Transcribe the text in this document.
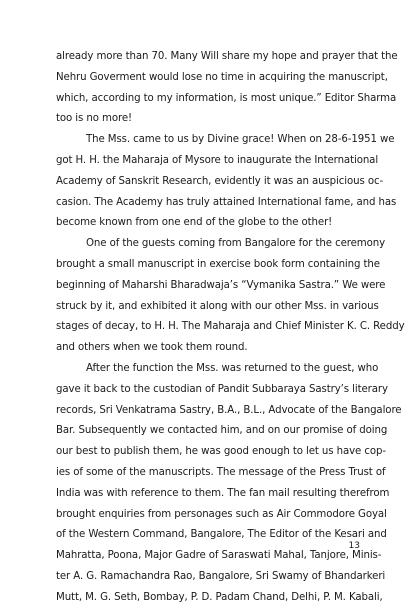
already more than 70. Many Will share my hope and prayer that the
Nehru Goverment would lose no time in acquiring the manuscript,
which, according to my information, is most unique.” Editor Sharma
too is no more!
The Mss. came to us by Divine grace! When on 28-6-1951 we
got H. H. the Maharaja of Mysore to inaugurate the International
Academy of Sanskrit Research, evidently it was an auspicious oc-
casion. The Academy has truly attained International fame, and has
become known from one end of the globe to the other!
One of the guests coming from Bangalore for the ceremony
brought a small manuscript in exercise book form containing the
beginning of Maharshi Bharadwaja’s “Vymanika Sastra.” We were
struck by it, and exhibited it along with our other Mss. in various
stages of decay, to H. H. The Maharaja and Chief Minister K. C. Reddy
and others when we took them round.
After the function the Mss. was returned to the guest, who
gave it back to the custodian of Pandit Subbaraya Sastry’s literary
records, Sri Venkatrama Sastry, B.A., B.L., Advocate of the Bangalore
Bar. Subsequently we contacted him, and on our promise of doing
our best to publish them, he was good enough to let us have cop-
ies of some of the manuscripts. The message of the Press Trust of
India was with reference to them. The fan mail resulting therefrom
brought enquiries from personages such as Air Commodore Goyal
of the Western Command, Bangalore, The Editor of the Kesari and
Mahratta, Poona, Major Gadre of Saraswati Mahal, Tanjore, Minis-
ter A. G. Ramachandra Rao, Bangalore, Sri Swamy of Bhandarkeri
Mutt, M. G. Seth, Bombay, P. D. Padam Chand, Delhi, P. M. Kabali,
13
